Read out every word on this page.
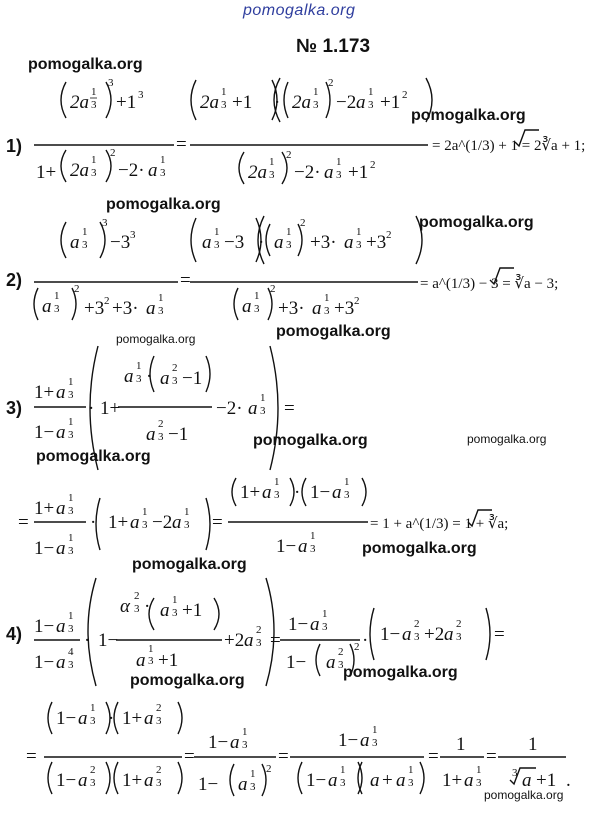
pomogalka.org
№ 1.173
pomogalka.org
pomogalka.org
pomogalka.org
pomogalka.org
pomogalka.org
pomogalka.org
pomogalka.org	pomogalka.org
pomogalka.org
pomogalka.org
pomogalka.org
pomogalka.org	pomogalka.org
pomogalka.org
1)
2)
3)
4)
2a 1
3
3
+1 3
1+ 2a 1
3
2
−2· a 1
3
=
2a 1
3 +1 · 2a 1
3
2
−2 a 1
3 +1 2
2a 1
3
2
−2· a 1
3 +1 2
= 2a^(1/3) + 1 = 2∛a + 1;
a 1
3
3
−3 3
a 1
3
2
+3 2 +3· a 1
3
=
a 1
3 −3 · a 1
3
2
+3· a 1
3 +3 2
a 1
3
2
+3· a 1
3 +3 2
= a^(1/3) − 3 = ∛a − 3;
1+ a 1
3
1− a 1
3
· 1+
a 1
3 · a 2
3 −1
a 2
3 −1
−2· a 1
3 =
=
1+ a 1
3
1− a 1
3
· 1+ a 1
3 −2 a 1
3 =
1+ a 1
3 · 1− a 1
3
1− a 1
3
= 1 + a^(1/3) = 1 + ∛a;
1− a 1
3
1− a 4
3
· 1−
α 2
3 · a 1
3 +1
1
a 3 +1
+2 a 2
3 =
1− a 1
3
1− a 2
3
2 · 1− a 2
3 +2 a 2
3 =
=
1− a 1
3 · 1+ a 2
3
1− a 2
3 1+ a 2
3
=
1− a 1
3
1− a 1
3
2
=
1− a 1
3
1− a 1
3 a + a 1
3
=
1
1+ a 1
3
=
1
3 a +1 .
